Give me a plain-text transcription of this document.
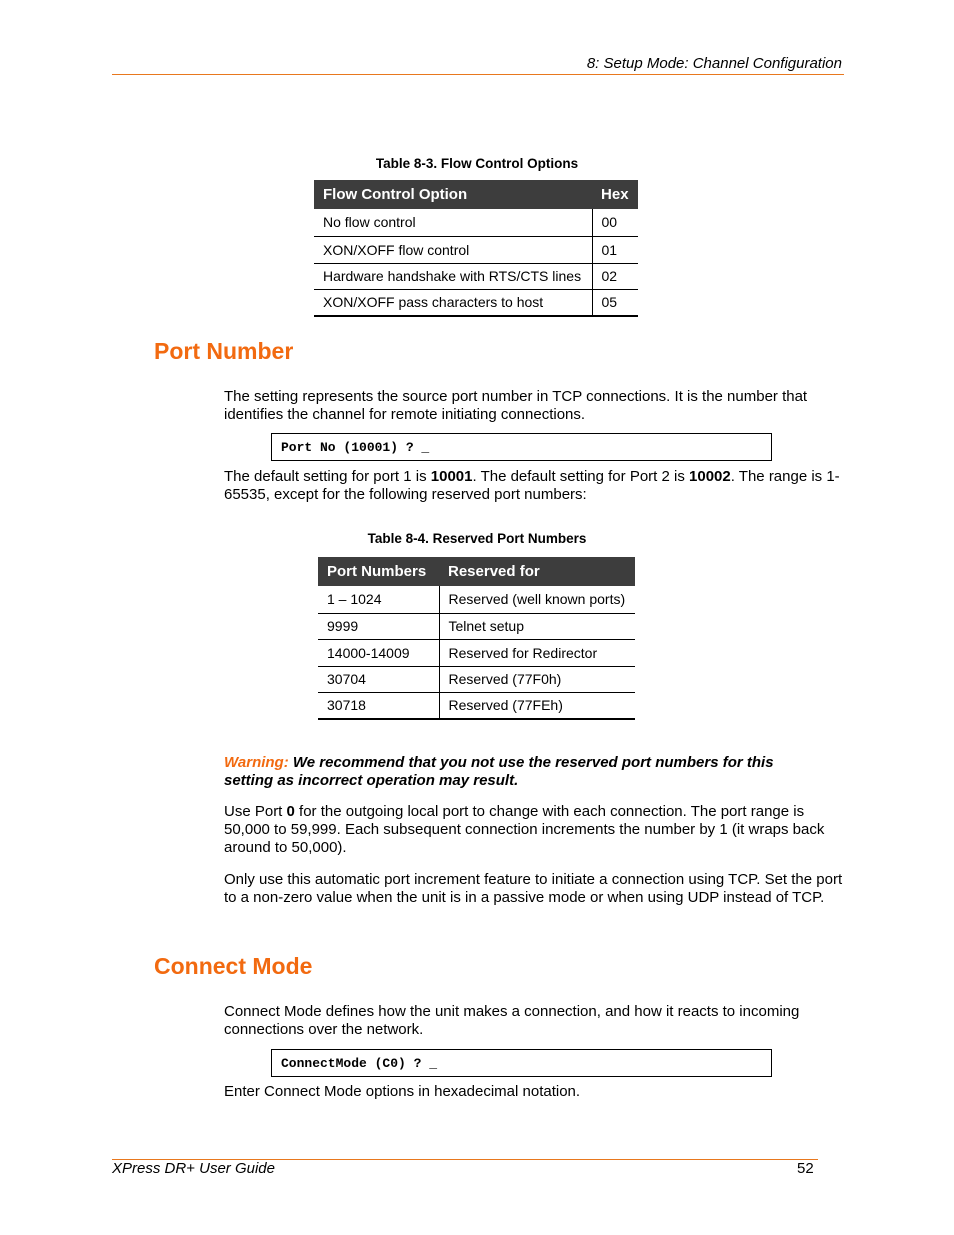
8: Setup Mode: Channel Configuration
Table 8-3. Flow Control Options
Flow Control Option	Hex
No flow control	00
XON/XOFF flow control	01
Hardware handshake with RTS/CTS lines	02
XON/XOFF pass characters to host	05
Port Number
The setting represents the source port number in TCP connections. It is the number that identifies the channel for remote initiating connections.
Port No (10001) ? _
The default setting for port 1 is 10001. The default setting for Port 2 is 10002. The range is 1-65535, except for the following reserved port numbers:
Table 8-4. Reserved Port Numbers
Port Numbers	Reserved for
1 – 1024	Reserved (well known ports)
9999	Telnet setup
14000-14009	Reserved for Redirector
30704	Reserved (77F0h)
30718	Reserved (77FEh)
Warning: We recommend that you not use the reserved port numbers for this setting as incorrect operation may result.
Use Port 0 for the outgoing local port to change with each connection. The port range is 50,000 to 59,999. Each subsequent connection increments the number by 1 (it wraps back around to 50,000).
Only use this automatic port increment feature to initiate a connection using TCP. Set the port to a non-zero value when the unit is in a passive mode or when using UDP instead of TCP.
Connect Mode
Connect Mode defines how the unit makes a connection, and how it reacts to incoming connections over the network.
ConnectMode (C0) ? _
Enter Connect Mode options in hexadecimal notation.
XPress DR+ User Guide	52
